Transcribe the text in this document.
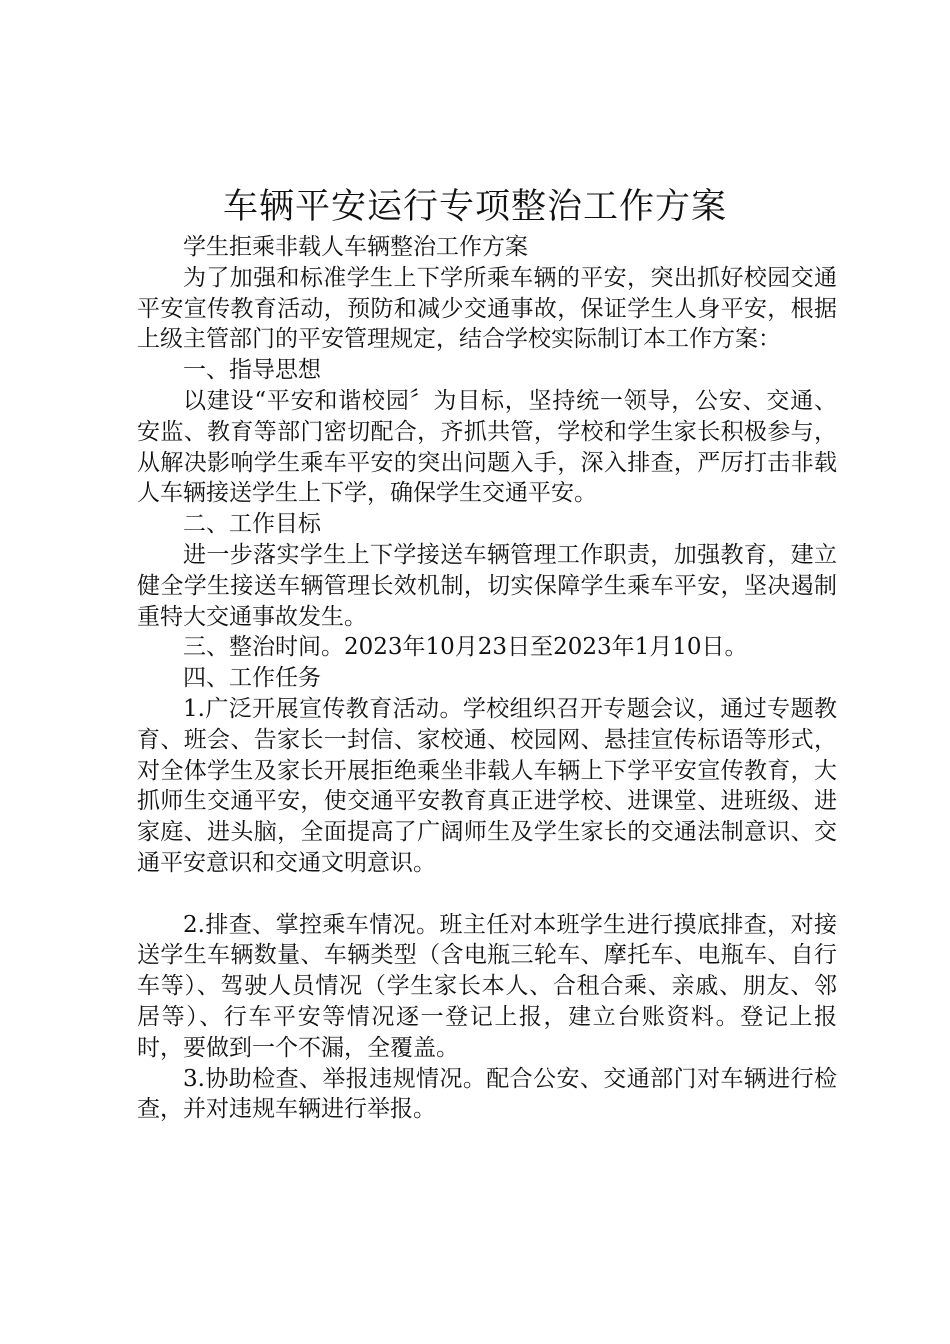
车辆平安运行专项整治工作方案

学生拒乘非载人车辆整治工作方案

为了加强和标准学生上下学所乘车辆的平安，突出抓好校园交通平安宣传教育活动，预防和减少交通事故，保证学生人身平安，根据上级主管部门的平安管理规定，结合学校实际制订本工作方案：

一、指导思想

以建设“平安和谐校园〞为目标，坚持统一领导，公安、交通、安监、教育等部门密切配合，齐抓共管，学校和学生家长积极参与，从解决影响学生乘车平安的突出问题入手，深入排查，严厉打击非载人车辆接送学生上下学，确保学生交通平安。

二、工作目标

进一步落实学生上下学接送车辆管理工作职责，加强教育，建立健全学生接送车辆管理长效机制，切实保障学生乘车平安，坚决遏制重特大交通事故发生。

三、整治时间。2023年10月23日至2023年1月10日。

四、工作任务

1.广泛开展宣传教育活动。学校组织召开专题会议，通过专题教育、班会、告家长一封信、家校通、校园网、悬挂宣传标语等形式，对全体学生及家长开展拒绝乘坐非载人车辆上下学平安宣传教育，大抓师生交通平安，使交通平安教育真正进学校、进课堂、进班级、进家庭、进头脑，全面提高了广阔师生及学生家长的交通法制意识、交通平安意识和交通文明意识。

2.排查、掌控乘车情况。班主任对本班学生进行摸底排查，对接送学生车辆数量、车辆类型（含电瓶三轮车、摩托车、电瓶车、自行车等）、驾驶人员情况（学生家长本人、合租合乘、亲戚、朋友、邻居等）、行车平安等情况逐一登记上报，建立台账资料。登记上报时，要做到一个不漏，全覆盖。

3.协助检查、举报违规情况。配合公安、交通部门对车辆进行检查，并对违规车辆进行举报。
